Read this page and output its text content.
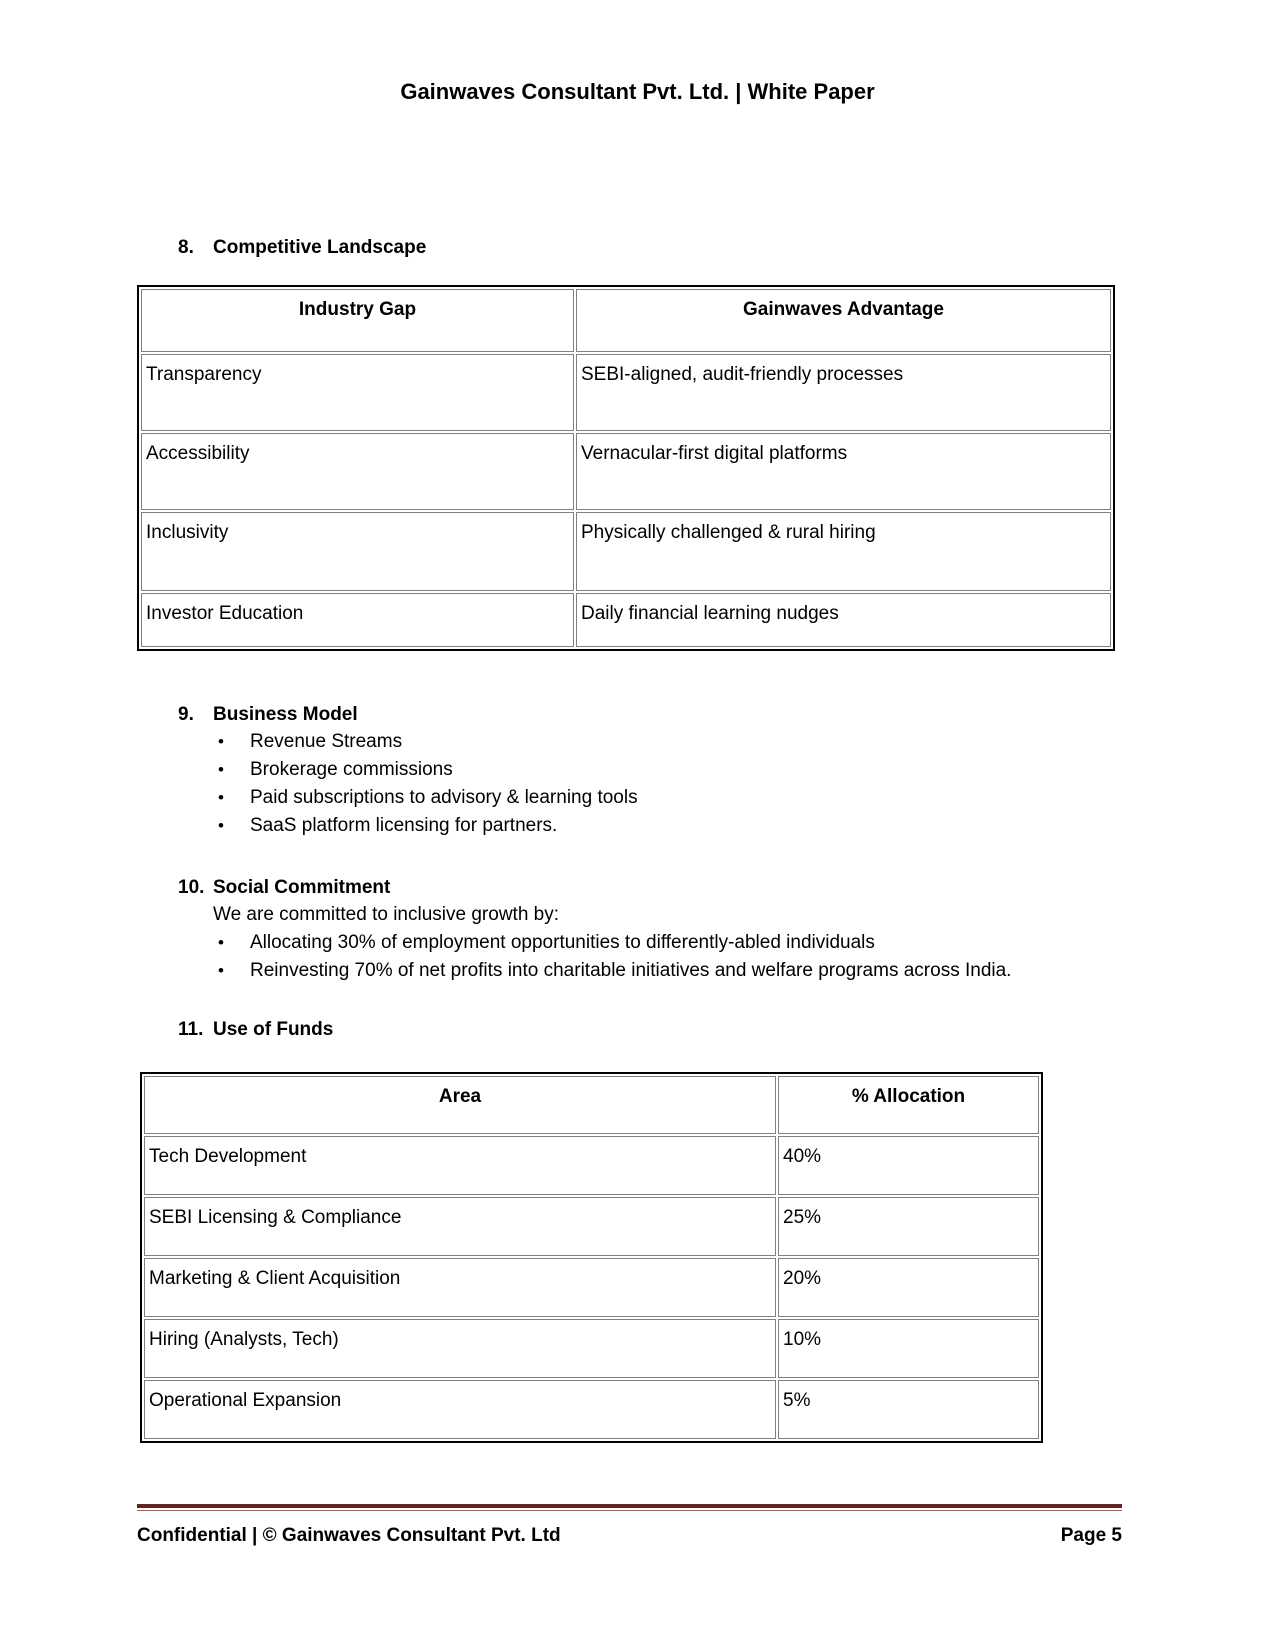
Gainwaves Consultant Pvt. Ltd. | White Paper
8.	Competitive Landscape
Industry Gap	Gainwaves Advantage
Transparency	SEBI-aligned, audit-friendly processes
Accessibility	Vernacular-first digital platforms
Inclusivity	Physically challenged & rural hiring
Investor Education	Daily financial learning nudges
9.	Business Model
•	Revenue Streams
•	Brokerage commissions
•	Paid subscriptions to advisory & learning tools
•	SaaS platform licensing for partners.
10. Social Commitment
We are committed to inclusive growth by:
•	Allocating 30% of employment opportunities to differently-abled individuals
•	Reinvesting 70% of net profits into charitable initiatives and welfare programs across India.
11. Use of Funds
Area	% Allocation
Tech Development	40%
SEBI Licensing & Compliance	25%
Marketing & Client Acquisition	20%
Hiring (Analysts, Tech)	10%
Operational Expansion	5%
Confidential | © Gainwaves Consultant Pvt. Ltd	Page 5
